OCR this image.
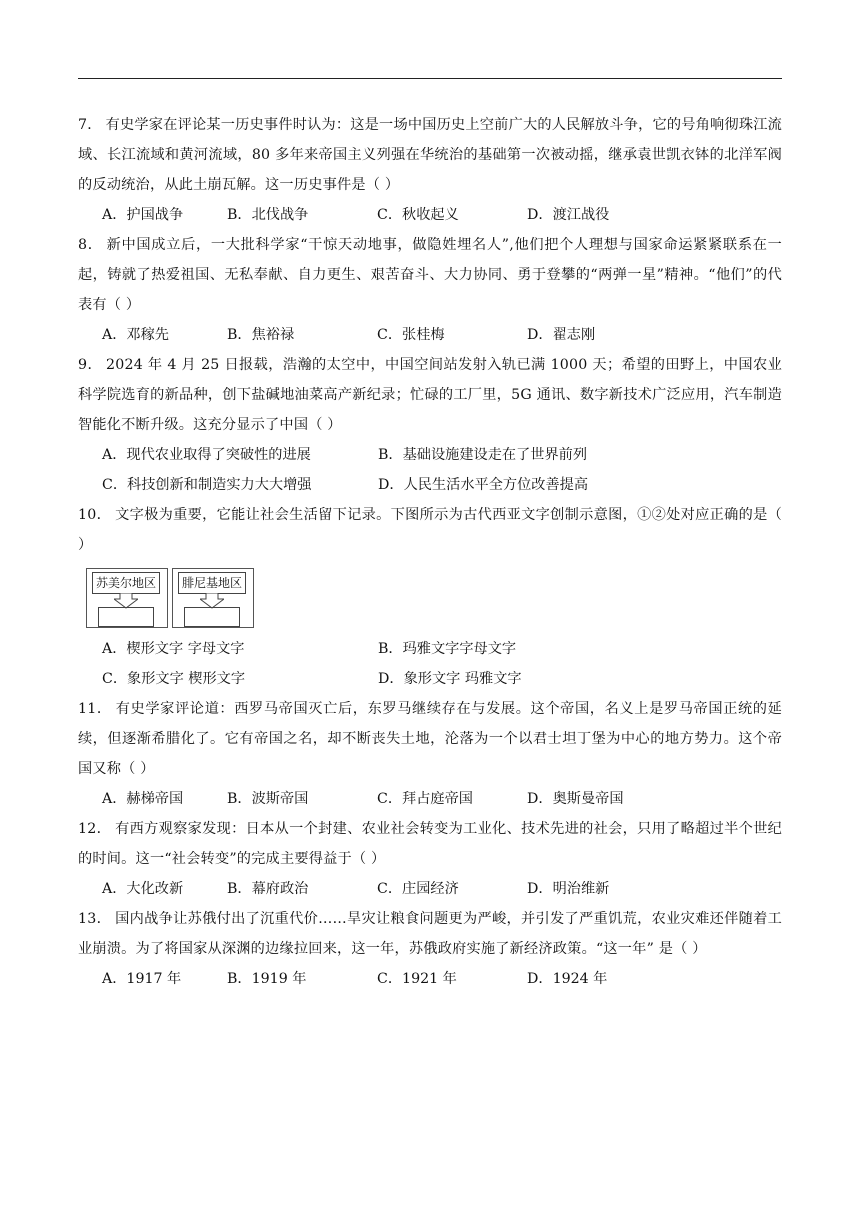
7． 有史学家在评论某一历史事件时认为：这是一场中国历史上空前广大的人民解放斗争，它的号角响彻珠江流域、长江流域和黄河流域，80 多年来帝国主义列强在华统治的基础第一次被动摇，继承袁世凯衣钵的北洋军阀的反动统治，从此土崩瓦解。这一历史事件是（ ）

A．护国战争	B．北伐战争	C．秋收起义	D．渡江战役

8． 新中国成立后，一大批科学家“干惊天动地事，做隐姓埋名人”,他们把个人理想与国家命运紧紧联系在一起，铸就了热爱祖国、无私奉献、自力更生、艰苦奋斗、大力协同、勇于登攀的“两弹一星”精神。“他们”的代表有（ ）

A．邓稼先	B．焦裕禄	C．张桂梅	D．翟志刚

9． 2024 年 4 月 25 日报载，浩瀚的太空中，中国空间站发射入轨已满 1000 天；希望的田野上，中国农业科学院选育的新品种，创下盐碱地油菜高产新纪录；忙碌的工厂里，5G 通讯、数字新技术广泛应用，汽车制造智能化不断升级。这充分显示了中国（ ）

A．现代农业取得了突破性的进展	B．基础设施建设走在了世界前列
C．科技创新和制造实力大大增强	D．人民生活水平全方位改善提高

10． 文字极为重要，它能让社会生活留下记录。下图所示为古代西亚文字创制示意图，①②处对应正确的是（ ）

苏美尔地区	腓尼基地区
A．楔形文字 字母文字	B．玛雅文字字母文字
C．象形文字 楔形文字	D．象形文字 玛雅文字

11． 有史学家评论道：西罗马帝国灭亡后，东罗马继续存在与发展。这个帝国，名义上是罗马帝国正统的延续，但逐渐希腊化了。它有帝国之名，却不断丧失土地，沦落为一个以君士坦丁堡为中心的地方势力。这个帝国又称（ ）

A．赫梯帝国	B．波斯帝国	C．拜占庭帝国	D．奥斯曼帝国

12． 有西方观察家发现：日本从一个封建、农业社会转变为工业化、技术先进的社会，只用了略超过半个世纪的时间。这一“社会转变”的完成主要得益于（ ）

A．大化改新	B．幕府政治	C．庄园经济	D．明治维新

13． 国内战争让苏俄付出了沉重代价……旱灾让粮食问题更为严峻，并引发了严重饥荒，农业灾难还伴随着工业崩溃。为了将国家从深渊的边缘拉回来，这一年，苏俄政府实施了新经济政策。“这一年” 是（ ）

A．1917 年	B．1919 年	C．1921 年	D．1924 年
